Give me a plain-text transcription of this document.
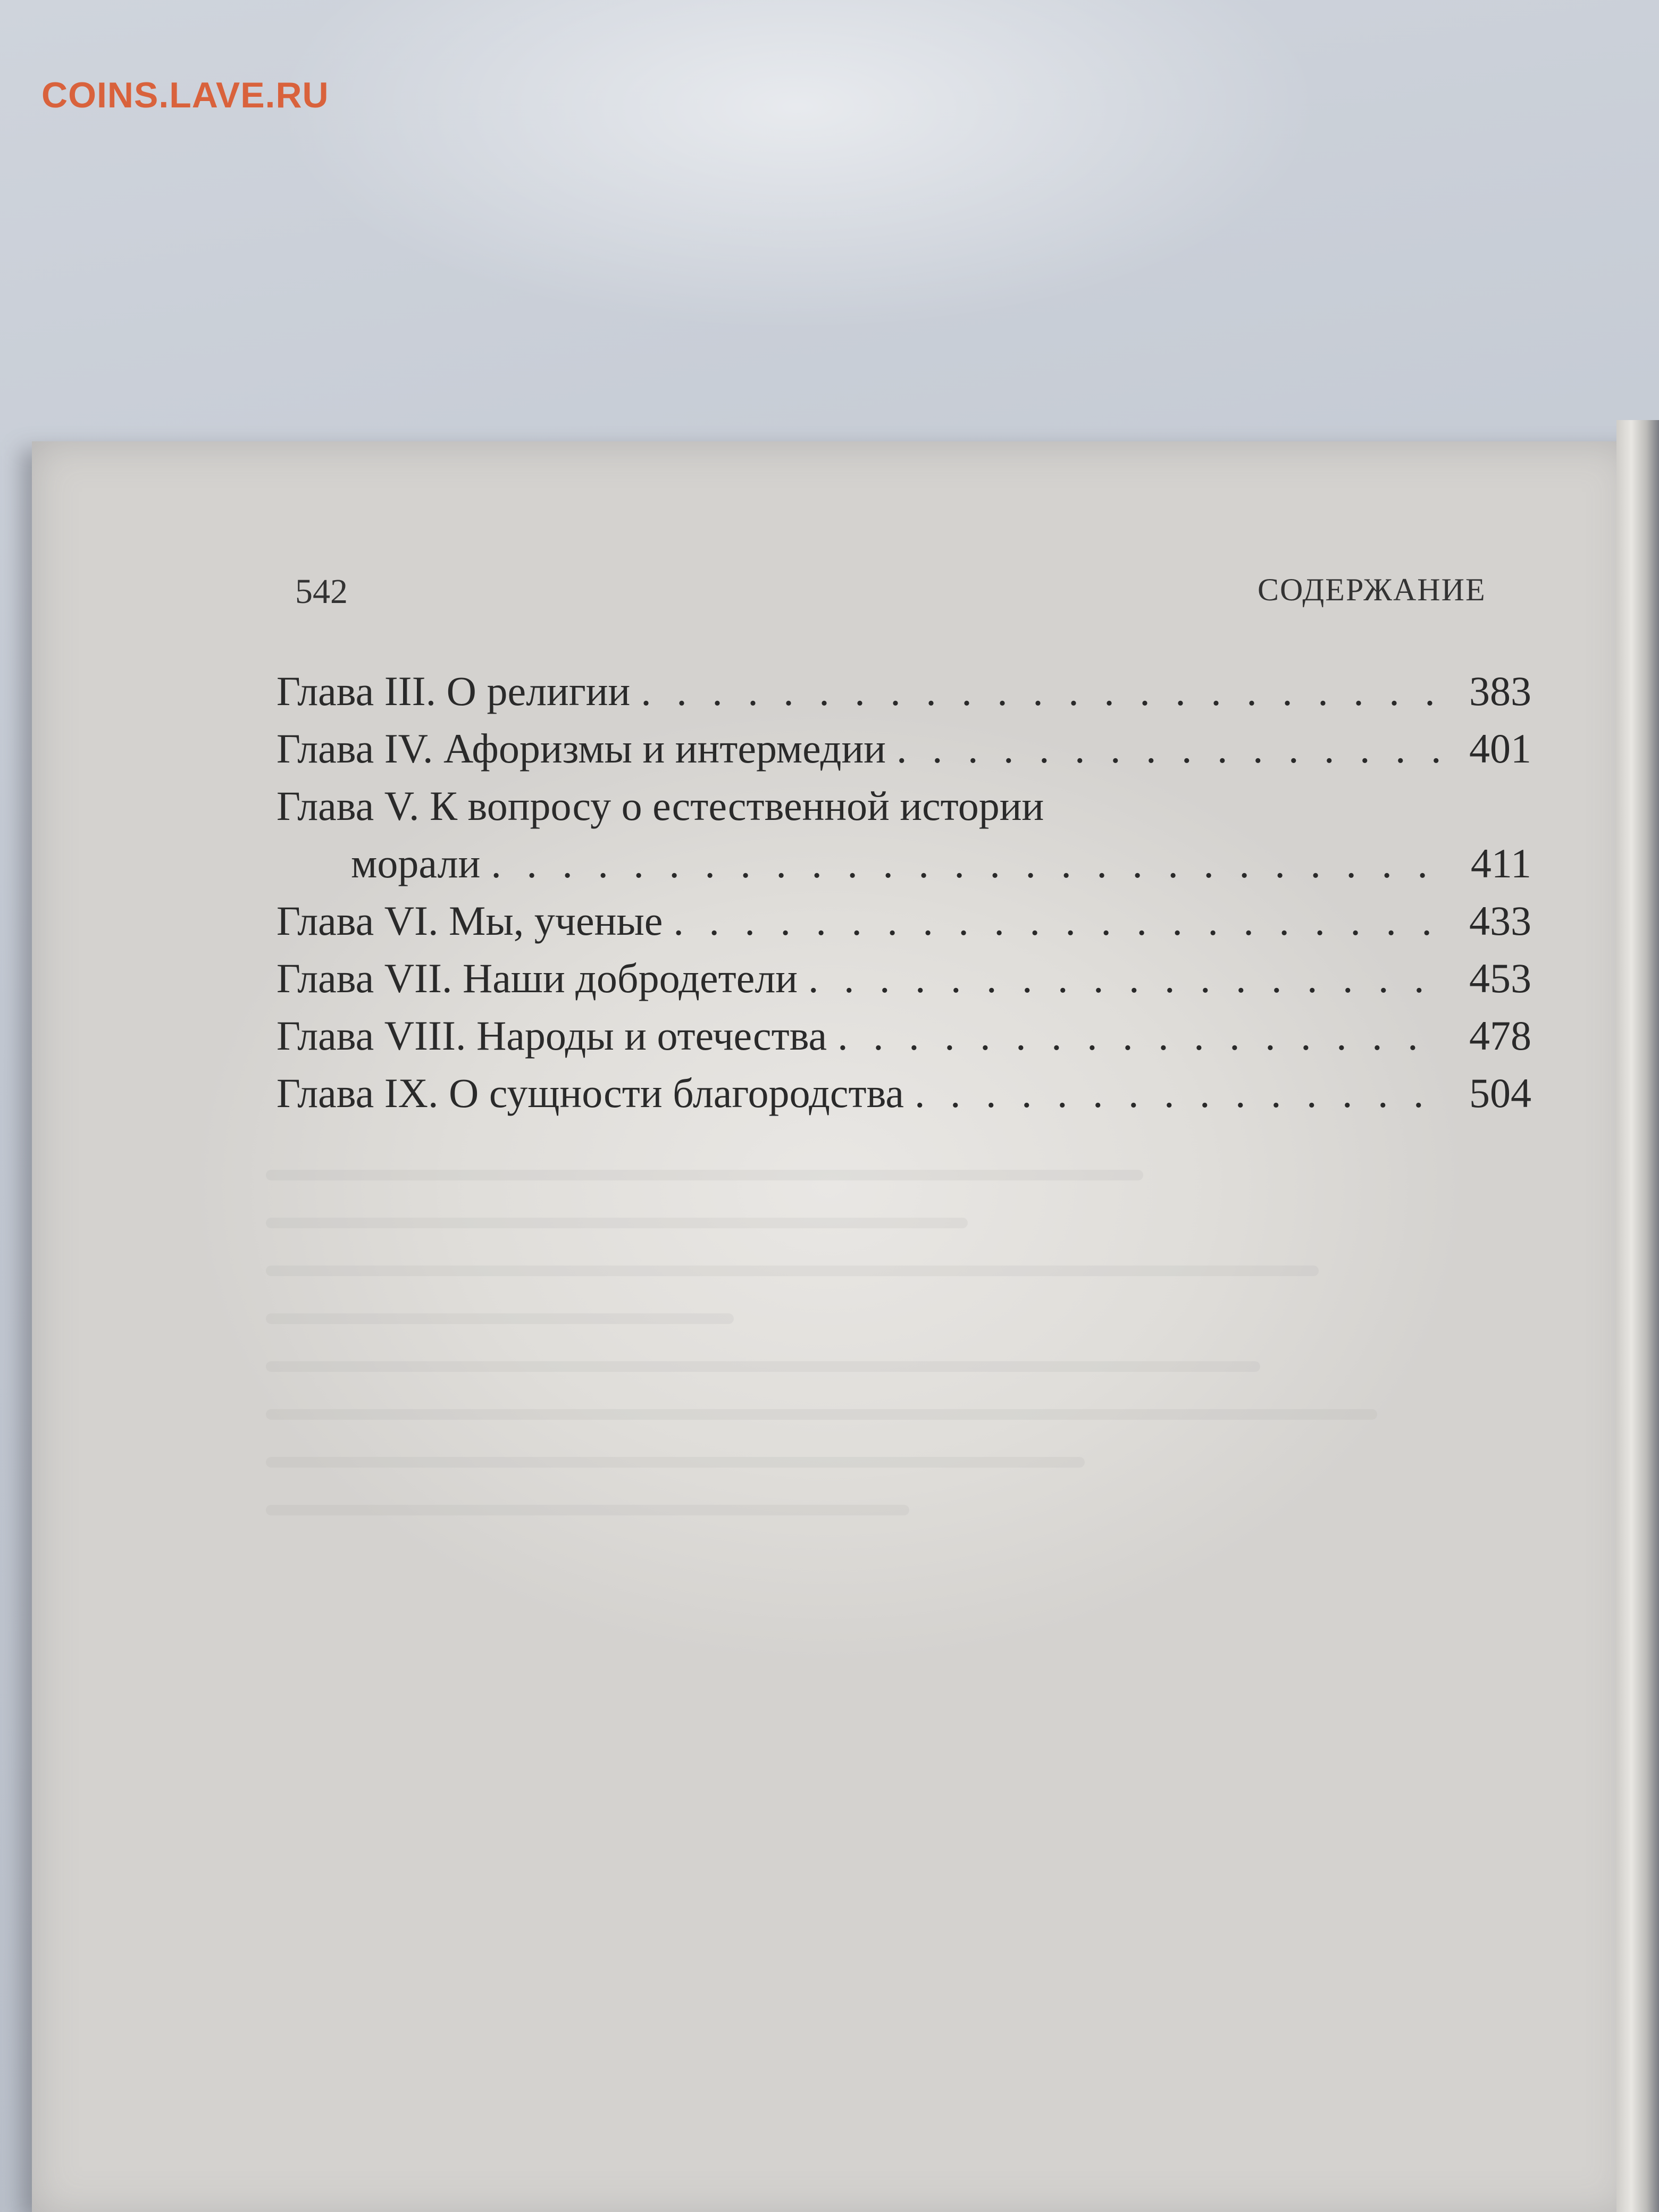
COINS.LAVE.RU
542	СОДЕРЖАНИЕ
Глава III. О религии . . .	383
Глава IV. Афоризмы и интермедии . . .	401
Глава V. К вопросу о естественной истории
морали . . .	411
Глава VI. Мы, ученые . . .	433
Глава VII. Наши добродетели . . .	453
Глава VIII. Народы и отечества . . .	478
Глава IX. О сущности благородства . . .	504
